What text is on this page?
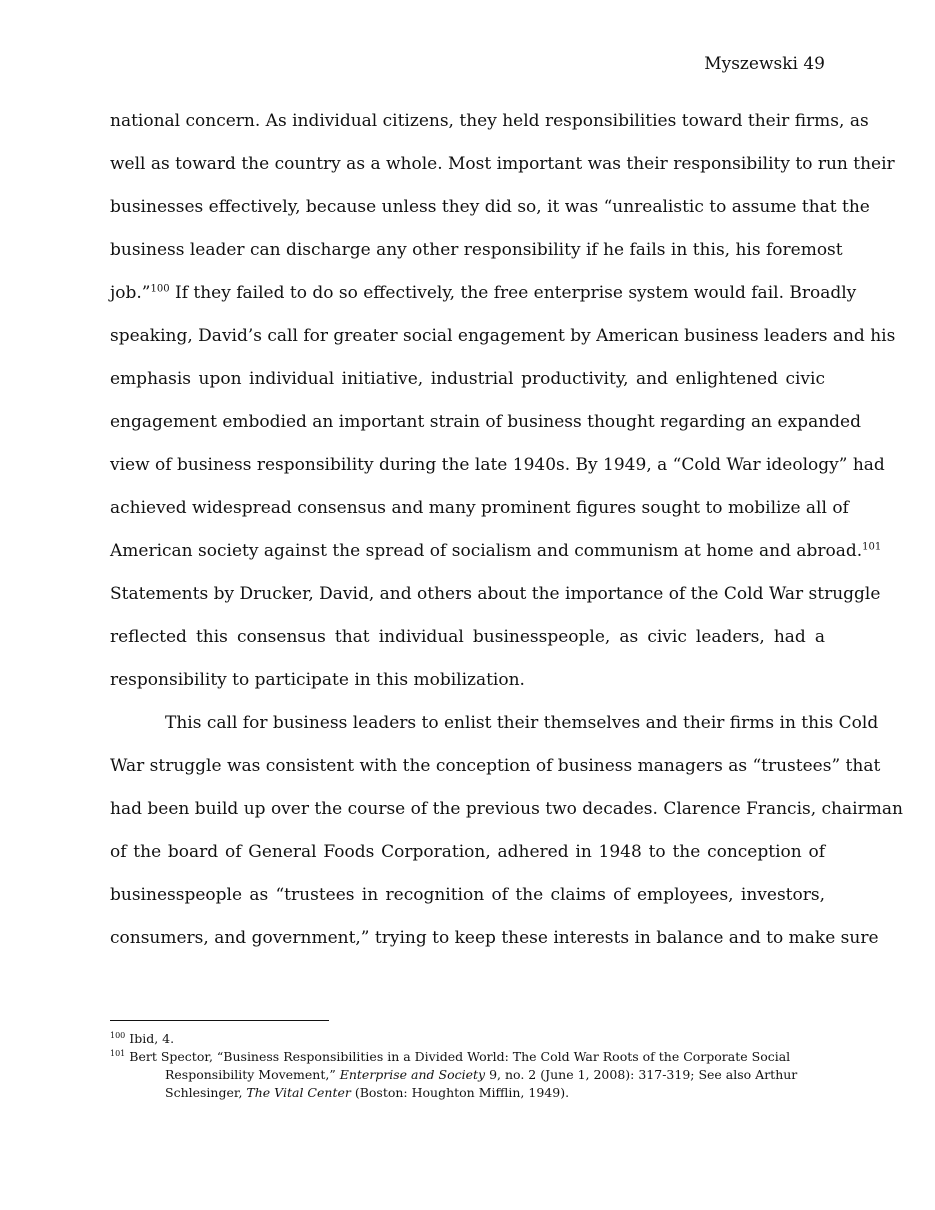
Myszewski 49
national concern. As individual citizens, they held responsibilities toward their firms, as
well as toward the country as a whole. Most important was their responsibility to run their
businesses effectively, because unless they did so, it was “unrealistic to assume that the
business leader can discharge any other responsibility if he fails in this, his foremost
job.”$^{100}$ If they failed to do so effectively, the free enterprise system would fail. Broadly
speaking, David’s call for greater social engagement by American business leaders and his
emphasis upon individual initiative, industrial productivity, and enlightened civic
engagement embodied an important strain of business thought regarding an expanded
view of business responsibility during the late 1940s. By 1949, a “Cold War ideology” had
achieved widespread consensus and many prominent figures sought to mobilize all of
American society against the spread of socialism and communism at home and abroad.$^{101}$
Statements by Drucker, David, and others about the importance of the Cold War struggle
reflected this consensus that individual businesspeople, as civic leaders, had a
responsibility to participate in this mobilization.
This call for business leaders to enlist their themselves and their firms in this Cold
War struggle was consistent with the conception of business managers as “trustees” that
had been build up over the course of the previous two decades. Clarence Francis, chairman
of the board of General Foods Corporation, adhered in 1948 to the conception of
businesspeople as “trustees in recognition of the claims of employees, investors,
consumers, and government,” trying to keep these interests in balance and to make sure
$^{100}$ Ibid, 4.
$^{101}$ Bert Spector, “Business Responsibilities in a Divided World: The Cold War Roots of the Corporate Social
Responsibility Movement,” Enterprise and Society 9, no. 2 (June 1, 2008): 317-319; See also Arthur
Schlesinger, The Vital Center (Boston: Houghton Mifflin, 1949).
